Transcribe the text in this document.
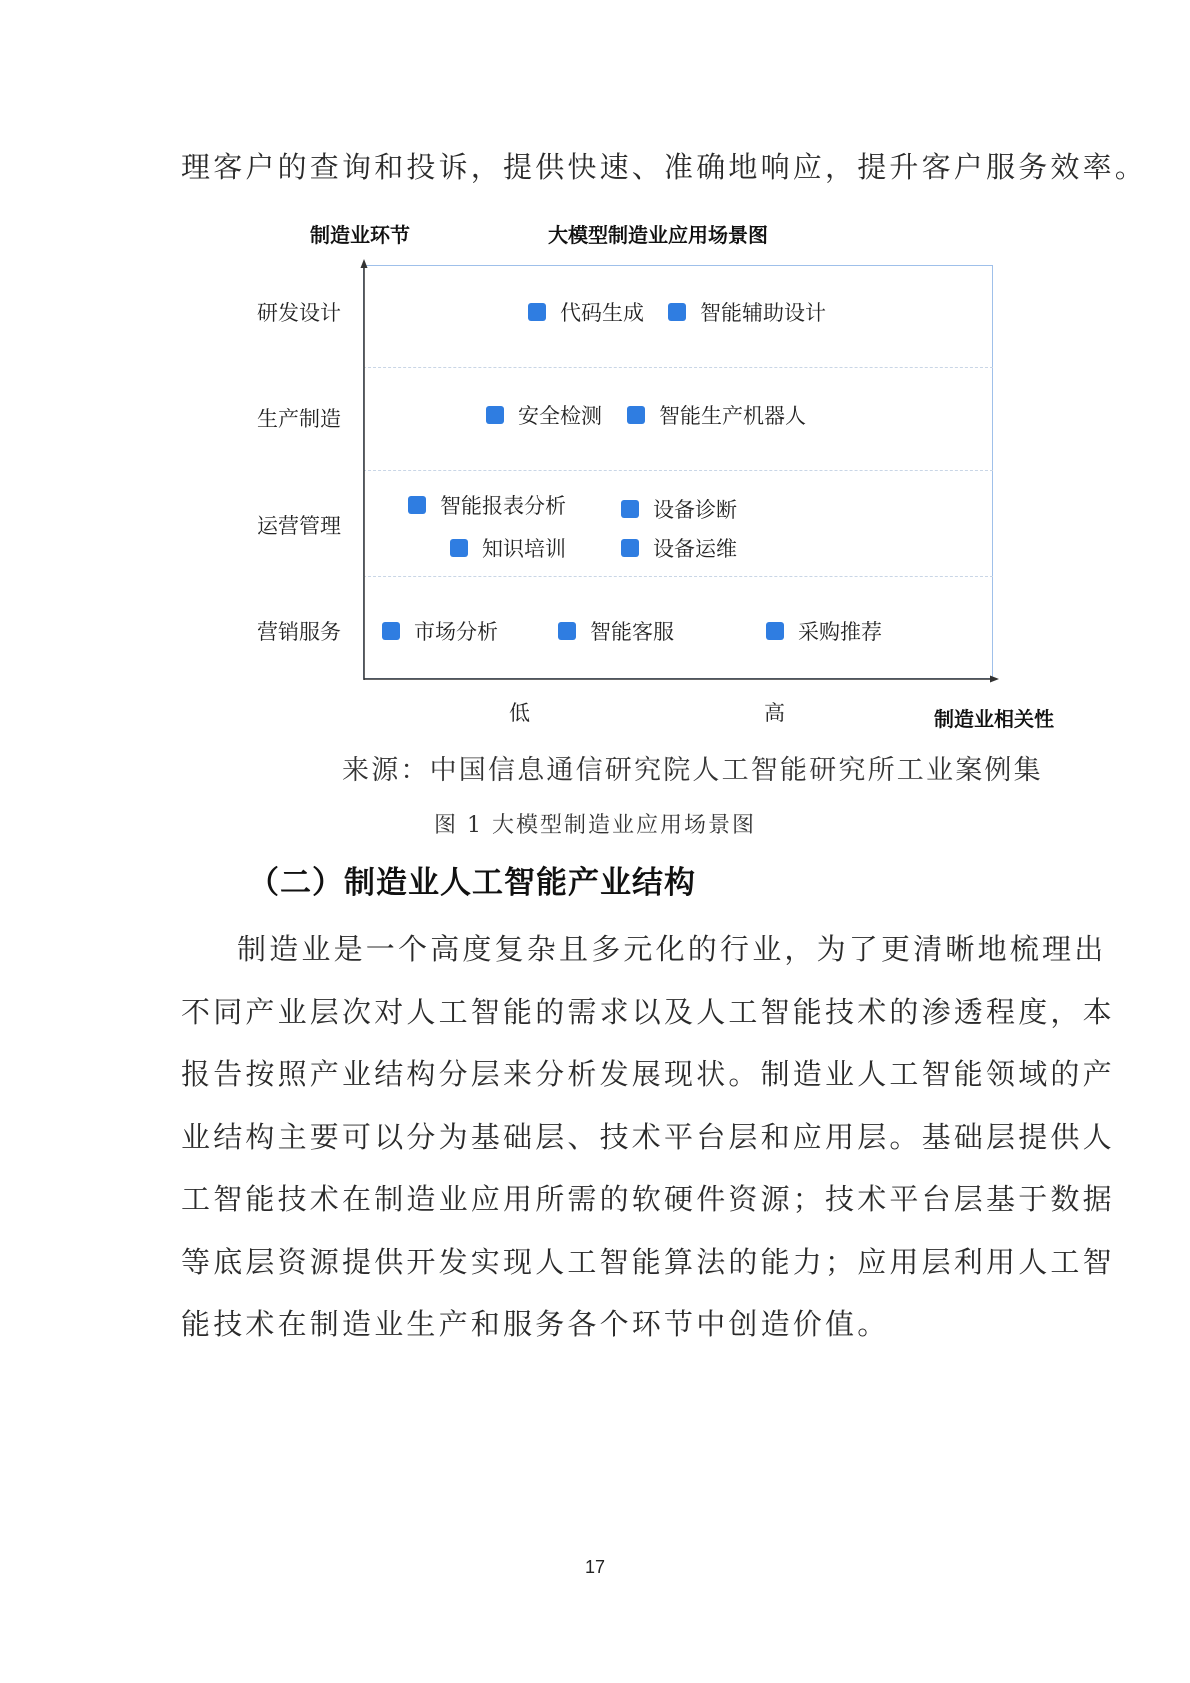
理客户的查询和投诉，提供快速、准确地响应，提升客户服务效率。

制造业环节	大模型制造业应用场景图
研发设计
生产制造
运营管理
营销服务
代码生成	智能辅助设计
安全检测	智能生产机器人
智能报表分析	设备诊断
知识培训	设备运维
市场分析	智能客服	采购推荐
低	高	制造业相关性
来源：中国信息通信研究院人工智能研究所工业案例集
图 1 大模型制造业应用场景图
（二）制造业人工智能产业结构

制造业是一个高度复杂且多元化的行业，为了更清晰地梳理出

不同产业层次对人工智能的需求以及人工智能技术的渗透程度，本

报告按照产业结构分层来分析发展现状。制造业人工智能领域的产

业结构主要可以分为基础层、技术平台层和应用层。基础层提供人

工智能技术在制造业应用所需的软硬件资源；技术平台层基于数据

等底层资源提供开发实现人工智能算法的能力；应用层利用人工智

能技术在制造业生产和服务各个环节中创造价值。

17
